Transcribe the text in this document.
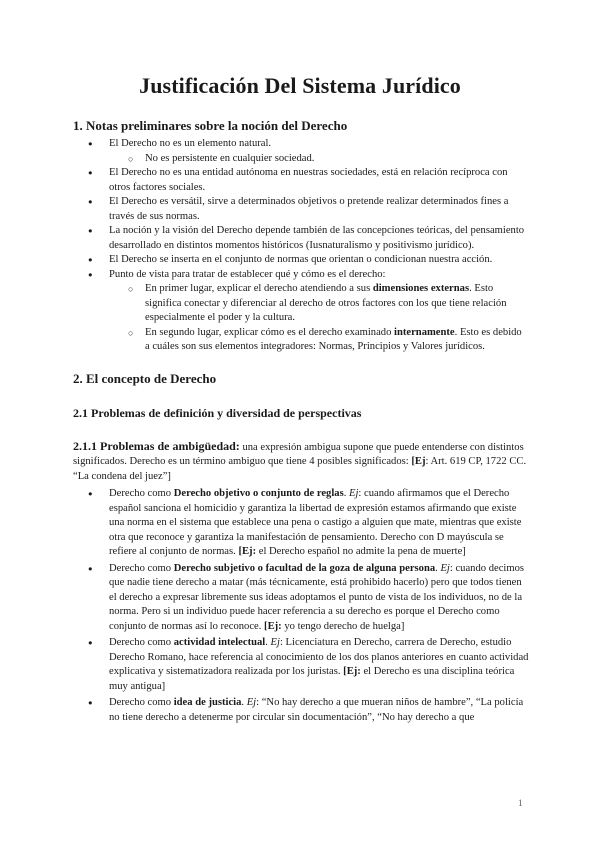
Justificación Del Sistema Jurídico
1. Notas preliminares sobre la noción del Derecho
● El Derecho no es un elemento natural.
○ No es persistente en cualquier sociedad.
● El Derecho no es una entidad autónoma en nuestras sociedades, está en relación recíproca con otros factores sociales.
● El Derecho es versátil, sirve a determinados objetivos o pretende realizar determinados fines a través de sus normas.
● La noción y la visión del Derecho depende también de las concepciones teóricas, del pensamiento desarrollado en distintos momentos históricos (Iusnaturalismo y positivismo jurídico).
● El Derecho se inserta en el conjunto de normas que orientan o condicionan nuestra acción.
● Punto de vista para tratar de establecer qué y cómo es el derecho:
○ En primer lugar, explicar el derecho atendiendo a sus dimensiones externas. Esto significa conectar y diferenciar al derecho de otros factores con los que tiene relación especialmente el poder y la cultura.
○ En segundo lugar, explicar cómo es el derecho examinado internamente. Esto es debido a cuáles son sus elementos integradores: Normas, Principios y Valores jurídicos.
2. El concepto de Derecho
2.1 Problemas de definición y diversidad de perspectivas

2.1.1 Problemas de ambigüedad: una expresión ambigua supone que puede entenderse con distintos significados. Derecho es un término ambiguo que tiene 4 posibles significados: [Ej: Art. 619 CP, 1722 CC. “La condena del juez”]

● Derecho como Derecho objetivo o conjunto de reglas. Ej: cuando afirmamos que el Derecho español sanciona el homicidio y garantiza la libertad de expresión estamos afirmando que existe una norma en el sistema que establece una pena o castigo a alguien que mate, mientras que existe otra que reconoce y garantiza la manifestación de pensamiento. Derecho con D mayúscula se refiere al conjunto de normas. [Ej: el Derecho español no admite la pena de muerte]
● Derecho como Derecho subjetivo o facultad de la goza de alguna persona. Ej: cuando decimos que nadie tiene derecho a matar (más técnicamente, está prohibido hacerlo) pero que todos tienen el derecho a expresar libremente sus ideas adoptamos el punto de vista de los individuos, no de la norma. Pero si un individuo puede hacer referencia a su derecho es porque el Derecho como conjunto de normas así lo reconoce. [Ej: yo tengo derecho de huelga]
● Derecho como actividad intelectual. Ej: Licenciatura en Derecho, carrera de Derecho, estudio Derecho Romano, hace referencia al conocimiento de los dos planos anteriores en cuanto actividad explicativa y sistematizadora realizada por los juristas. [Ej: el Derecho es una disciplina teórica muy antigua]
● Derecho como idea de justicia. Ej: “No hay derecho a que mueran niños de hambre”, “La policía no tiene derecho a detenerme por circular sin documentación”, “No hay derecho a que
1
